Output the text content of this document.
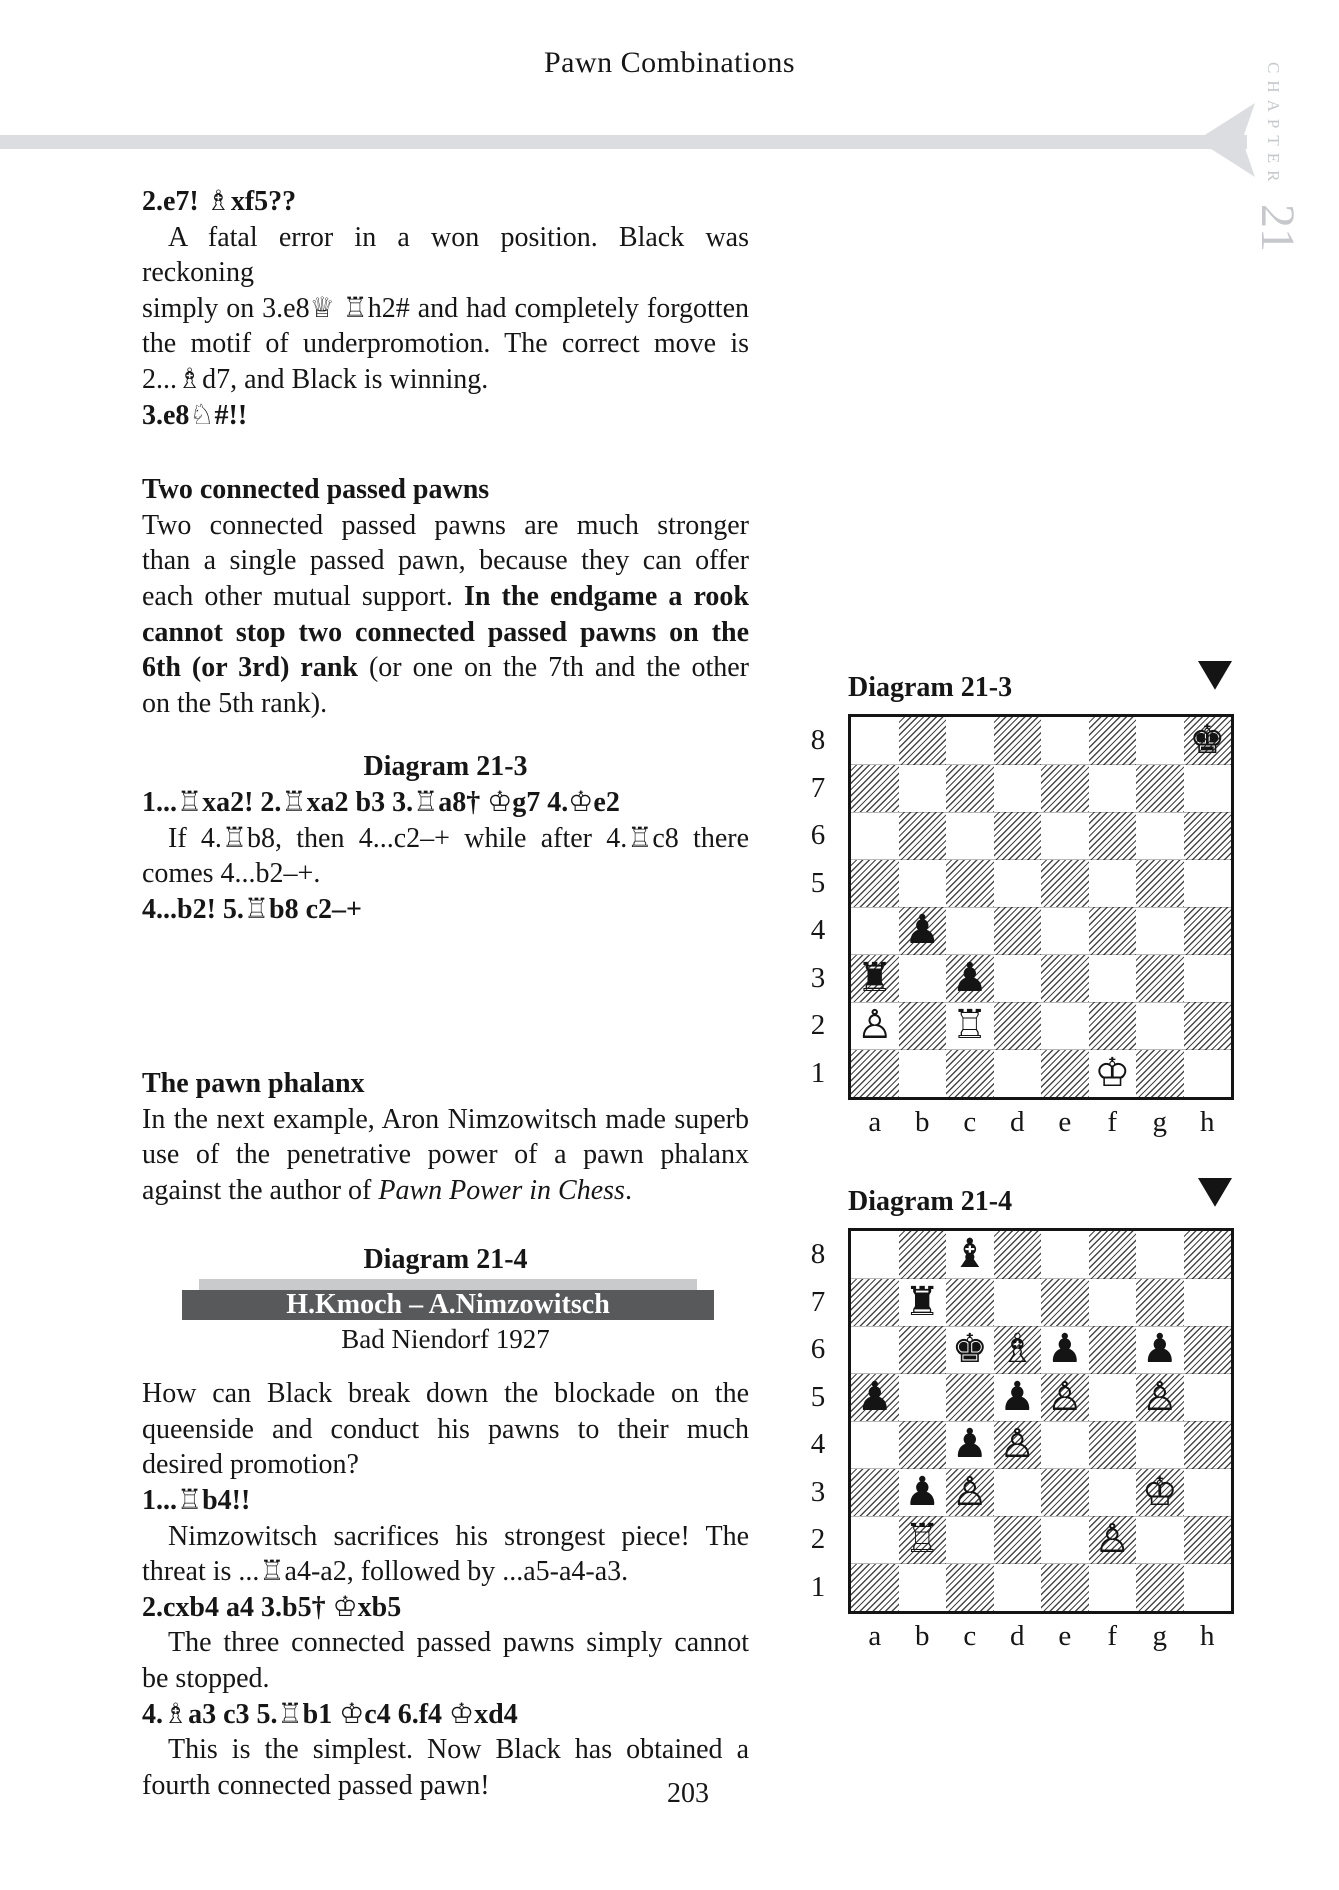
Pawn Combinations	CHAPTER
21
2.e7! ♗xf5??
A fatal error in a won position. Black was reckoning
simply on 3.e8♕ ♖h2# and had completely forgotten
the motif of underpromotion. The correct move is
2...♗d7, and Black is winning.
3.e8♘#!!
Two connected passed pawns
Two connected passed pawns are much stronger
than a single passed pawn, because they can offer
each other mutual support. In the endgame a rook
cannot stop two connected passed pawns on the
6th (or 3rd) rank (or one on the 7th and the other
on the 5th rank).
Diagram 21-3
1...♖xa2! 2.♖xa2 b3 3.♖a8† ♔g7 4.♔e2
If 4.♖b8, then 4...c2–+ while after 4.♖c8 there
comes 4...b2–+.
4...b2! 5.♖b8 c2–+
The pawn phalanx
In the next example, Aron Nimzowitsch made superb
use of the penetrative power of a pawn phalanx
against the author of Pawn Power in Chess.
Diagram 21-4
H.Kmoch – A.Nimzowitsch
Bad Niendorf 1927
How can Black break down the blockade on the
queenside and conduct his pawns to their much
desired promotion?
1...♖b4!!
Nimzowitsch sacrifices his strongest piece! The
threat is ...♖a4-a2, followed by ...a5-a4-a3.
2.cxb4 a4 3.b5† ♔xb5
The three connected passed pawns simply cannot
be stopped.
4.♗a3 c3 5.♖b1 ♔c4 6.f4 ♔xd4
This is the simplest. Now Black has obtained a
fourth connected passed pawn!
Diagram 21-3
8
7
6
5
4
3
2
1
♚
♟
♜ ♟
♙ ♖
♔
a	b	c	d	e	f	g	h
Diagram 21-4
8
7
6
5
4
3
2
1
♝
♜
♚ ♗ ♟ ♟
♟	♟ ♙ ♙
♟ ♙
♟ ♙	♔
♖	♙
a	b	c	d	e	f	g	h
203
